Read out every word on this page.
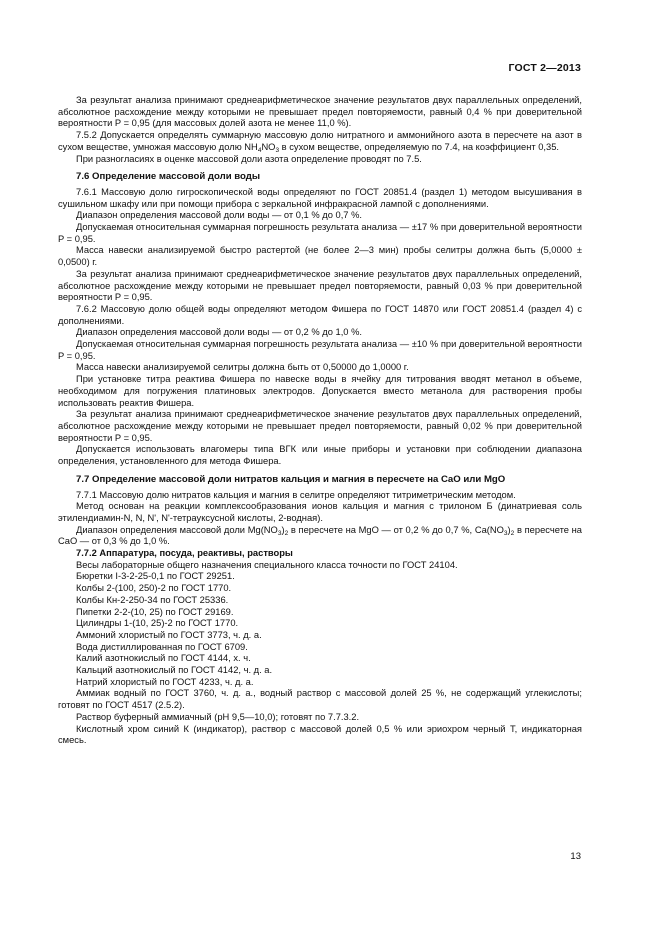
ГОСТ 2—2013

За результат анализа принимают среднеарифметическое значение результатов двух параллельных определений, абсолютное расхождение между которыми не превышает предел повторяемости, равный 0,4 % при доверительной вероятности P = 0,95 (для массовых долей азота не менее 11,0 %).

7.5.2 Допускается определять суммарную массовую долю нитратного и аммонийного азота в пересчете на азот в сухом веществе, умножая массовую долю $NH_4NO_3$ в сухом веществе, определяемую по 7.4, на коэффициент 0,35.

При разногласиях в оценке массовой доли азота определение проводят по 7.5.

7.6 Определение массовой доли воды

7.6.1 Массовую долю гигроскопической воды определяют по ГОСТ 20851.4 (раздел 1) методом высушивания в сушильном шкафу или при помощи прибора с зеркальной инфракрасной лампой с дополнениями.

Диапазон определения массовой доли воды — от 0,1 % до 0,7 %.

Допускаемая относительная суммарная погрешность результата анализа — ±17 % при доверительной вероятности P = 0,95.

Масса навески анализируемой быстро растертой (не более 2—3 мин) пробы селитры должна быть (5,0000 ± 0,0500) г.

За результат анализа принимают среднеарифметическое значение результатов двух параллельных определений, абсолютное расхождение между которыми не превышает предел повторяемости, равный 0,03 % при доверительной вероятности P = 0,95.

7.6.2 Массовую долю общей воды определяют методом Фишера по ГОСТ 14870 или ГОСТ 20851.4 (раздел 4) с дополнениями.

Диапазон определения массовой доли воды — от 0,2 % до 1,0 %.

Допускаемая относительная суммарная погрешность результата анализа — ±10 % при доверительной вероятности P = 0,95.

Масса навески анализируемой селитры должна быть от 0,50000 до 1,0000 г.

При установке титра реактива Фишера по навеске воды в ячейку для титрования вводят метанол в объеме, необходимом для погружения платиновых электродов. Допускается вместо метанола для растворения пробы использовать реактив Фишера.

За результат анализа принимают среднеарифметическое значение результатов двух параллельных определений, абсолютное расхождение между которыми не превышает предел повторяемости, равный 0,02 % при доверительной вероятности P = 0,95.

Допускается использовать влагомеры типа ВГК или иные приборы и установки при соблюдении диапазона определения, установленного для метода Фишера.

7.7 Определение массовой доли нитратов кальция и магния в пересчете на CaO или MgO

7.7.1 Массовую долю нитратов кальция и магния в селитре определяют титриметрическим методом.

Метод основан на реакции комплексообразования ионов кальция и магния с трилоном Б (динатриевая соль этилендиамин-N, N, N', N'-тетрауксусной кислоты, 2-водная).

Диапазон определения массовой доли $Mg(NO_3)_2$ в пересчете на MgO — от 0,2 % до 0,7 %, $Ca(NO_3)_2$ в пересчете на CaO — от 0,3 % до 1,0 %.

7.7.2 Аппаратура, посуда, реактивы, растворы

Весы лабораторные общего назначения специального класса точности по ГОСТ 24104.

Бюретки I-3-2-25-0,1 по ГОСТ 29251.

Колбы 2-(100, 250)-2 по ГОСТ 1770.

Колбы Кн-2-250-34 по ГОСТ 25336.

Пипетки 2-2-(10, 25) по ГОСТ 29169.

Цилиндры 1-(10, 25)-2 по ГОСТ 1770.

Аммоний хлористый по ГОСТ 3773, ч. д. а.

Вода дистиллированная по ГОСТ 6709.

Калий азотнокислый по ГОСТ 4144, х. ч.

Кальций азотнокислый по ГОСТ 4142, ч. д. а.

Натрий хлористый по ГОСТ 4233, ч. д. а.

Аммиак водный по ГОСТ 3760, ч. д. а., водный раствор с массовой долей 25 %, не содержащий углекислоты; готовят по ГОСТ 4517 (2.5.2).

Раствор буферный аммиачный (pH 9,5—10,0); готовят по 7.7.3.2.

Кислотный хром синий К (индикатор), раствор с массовой долей 0,5 % или эриохром черный Т, индикаторная смесь.

13
